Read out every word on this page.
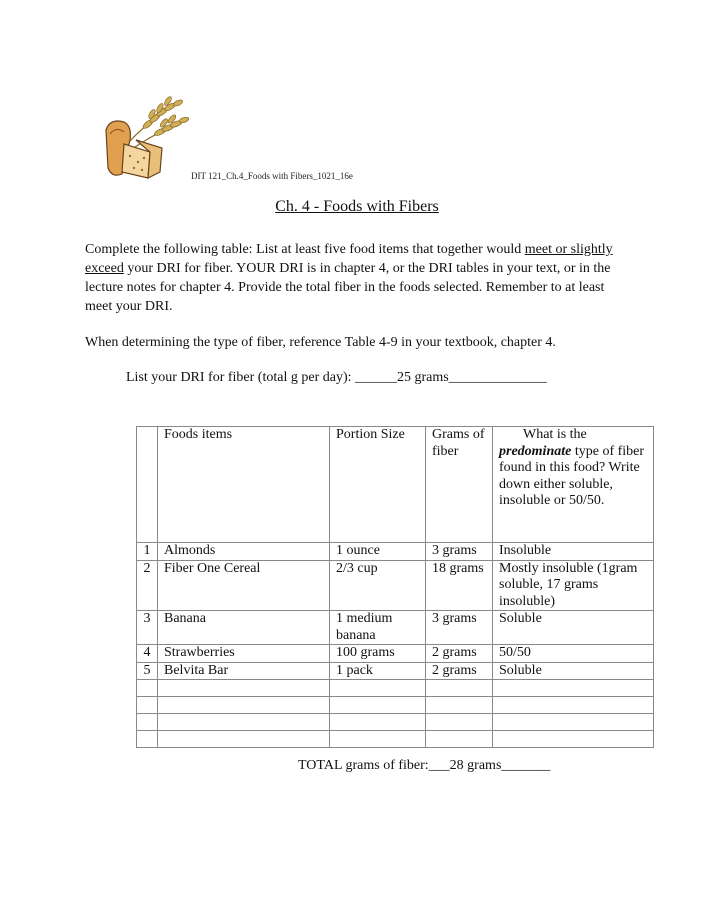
DIT 121_Ch.4_Foods with Fibers_1021_16e
Ch. 4 - Foods with Fibers
Complete the following table: List at least five food items that together would meet or slightly exceed your DRI for fiber. YOUR DRI is in chapter 4, or the DRI tables in your text, or in the lecture notes for chapter 4. Provide the total fiber in the foods selected. Remember to at least meet your DRI.
When determining the type of fiber, reference Table 4-9 in your textbook, chapter 4.
List your DRI for fiber (total g per day): ______25 grams______________
	Foods items	Portion Size	Grams of fiber	What is the
predominate type of fiber found in this food? Write down either soluble, insoluble or 50/50.
1	Almonds	1 ounce	3 grams	Insoluble
2	Fiber One Cereal	2/3 cup	18 grams	Mostly insoluble (1gram soluble, 17 grams insoluble)
3	Banana	1 medium banana	3 grams	Soluble
4	Strawberries	100 grams	2 grams	50/50
5	Belvita Bar	1 pack	2 grams	Soluble

TOTAL grams of fiber:___28 grams_______
